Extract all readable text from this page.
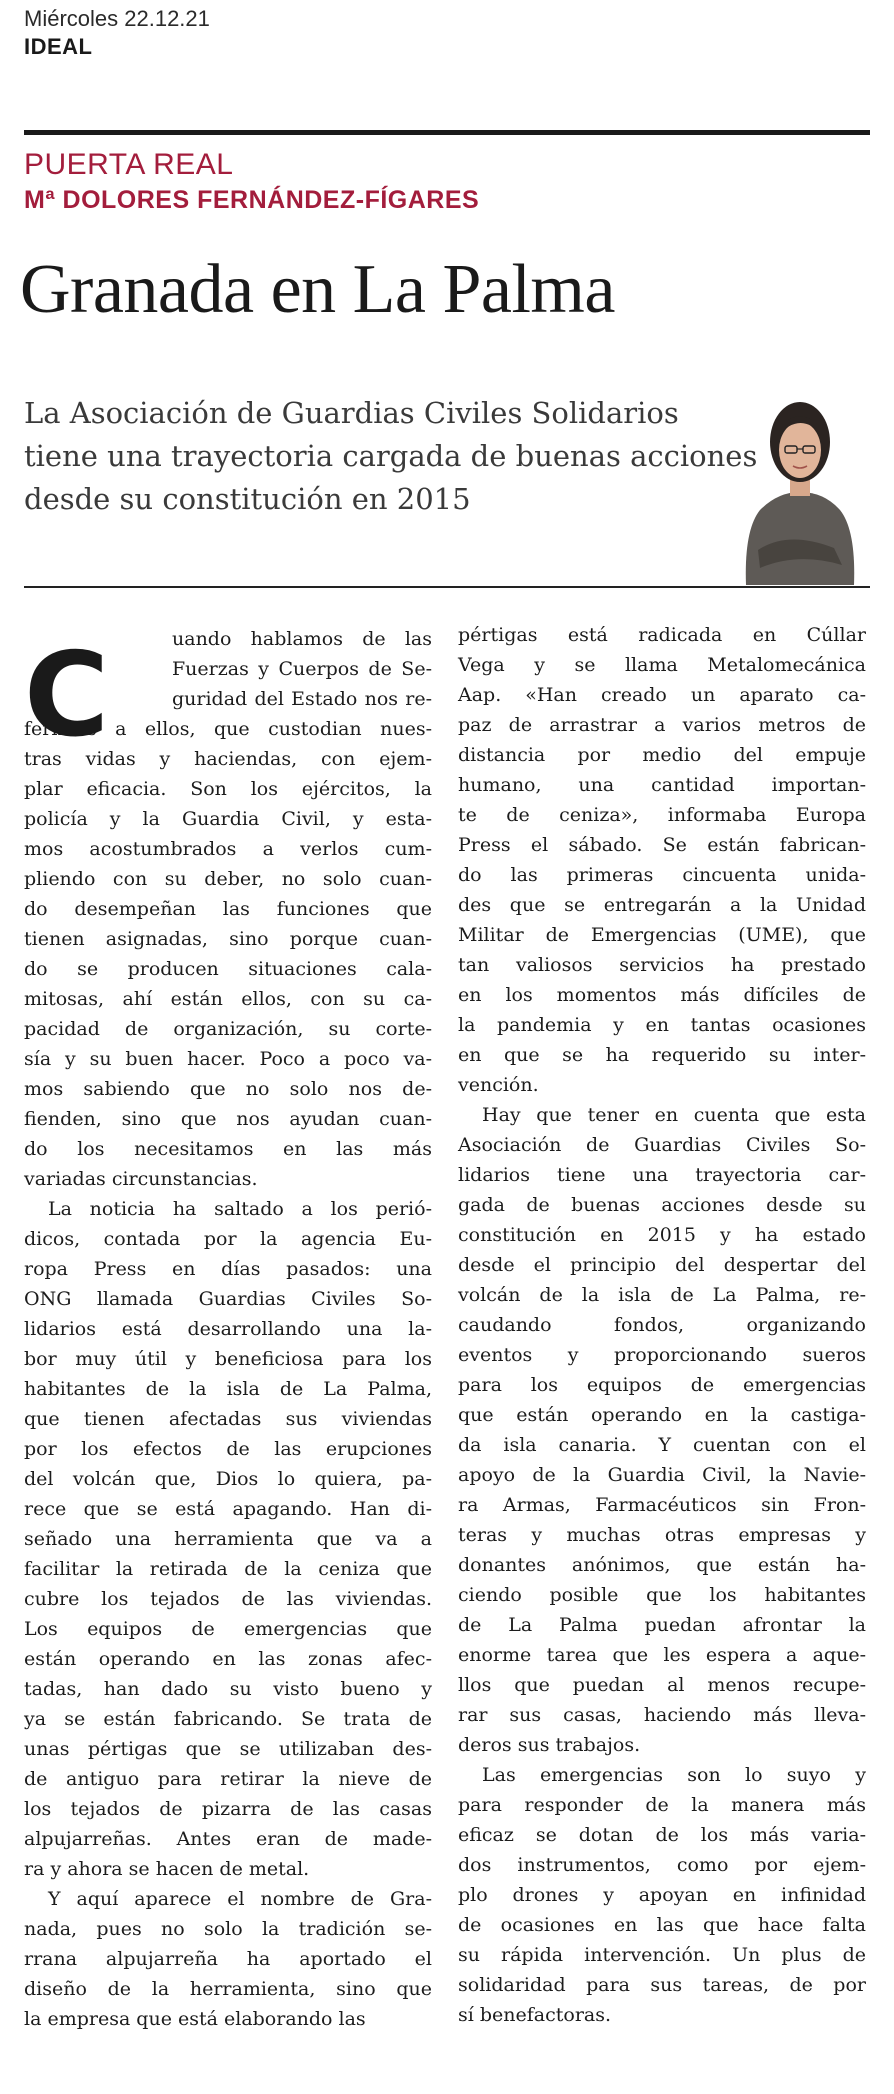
Miércoles 22.12.21
IDEAL
PUERTA REAL
Mª DOLORES FERNÁNDEZ-FÍGARES
Granada en La Palma
La Asociación de Guardias Civiles Solidarios
tiene una trayectoria cargada de buenas acciones
desde su constitución en 2015
C	uando hablamos de las

Fuerzas y Cuerpos de Se-

guridad del Estado nos re-

ferimos a ellos, que custodian nues-

tras vidas y haciendas, con ejem-

plar eficacia. Son los ejércitos, la

policía y la Guardia Civil, y esta-

mos acostumbrados a verlos cum-

pliendo con su deber, no solo cuan-

do desempeñan las funciones que

tienen asignadas, sino porque cuan-

do se producen situaciones cala-

mitosas, ahí están ellos, con su ca-

pacidad de organización, su corte-

sía y su buen hacer. Poco a poco va-

mos sabiendo que no solo nos de-

fienden, sino que nos ayudan cuan-

do los necesitamos en las más

variadas circunstancias.

La noticia ha saltado a los perió-

dicos, contada por la agencia Eu-

ropa Press en días pasados: una

ONG llamada Guardias Civiles So-

lidarios está desarrollando una la-

bor muy útil y beneficiosa para los

habitantes de la isla de La Palma,

que tienen afectadas sus viviendas

por los efectos de las erupciones

del volcán que, Dios lo quiera, pa-

rece que se está apagando. Han di-

señado una herramienta que va a

facilitar la retirada de la ceniza que

cubre los tejados de las viviendas.

Los equipos de emergencias que

están operando en las zonas afec-

tadas, han dado su visto bueno y

ya se están fabricando. Se trata de

unas pértigas que se utilizaban des-

de antiguo para retirar la nieve de

los tejados de pizarra de las casas

alpujarreñas. Antes eran de made-

ra y ahora se hacen de metal.

Y aquí aparece el nombre de Gra-

nada, pues no solo la tradición se-

rrana alpujarreña ha aportado el

diseño de la herramienta, sino que

la empresa que está elaborando las

pértigas está radicada en Cúllar

Vega y se llama Metalomecánica

Aap. «Han creado un aparato ca-

paz de arrastrar a varios metros de

distancia por medio del empuje

humano, una cantidad importan-

te de ceniza», informaba Europa

Press el sábado. Se están fabrican-

do las primeras cincuenta unida-

des que se entregarán a la Unidad

Militar de Emergencias (UME), que

tan valiosos servicios ha prestado

en los momentos más difíciles de

la pandemia y en tantas ocasiones

en que se ha requerido su inter-

vención.

Hay que tener en cuenta que esta

Asociación de Guardias Civiles So-

lidarios tiene una trayectoria car-

gada de buenas acciones desde su

constitución en 2015 y ha estado

desde el principio del despertar del

volcán de la isla de La Palma, re-

caudando fondos, organizando

eventos y proporcionando sueros

para los equipos de emergencias

que están operando en la castiga-

da isla canaria. Y cuentan con el

apoyo de la Guardia Civil, la Navie-

ra Armas, Farmacéuticos sin Fron-

teras y muchas otras empresas y

donantes anónimos, que están ha-

ciendo posible que los habitantes

de La Palma puedan afrontar la

enorme tarea que les espera a aque-

llos que puedan al menos recupe-

rar sus casas, haciendo más lleva-

deros sus trabajos.

Las emergencias son lo suyo y

para responder de la manera más

eficaz se dotan de los más varia-

dos instrumentos, como por ejem-

plo drones y apoyan en infinidad

de ocasiones en las que hace falta

su rápida intervención. Un plus de

solidaridad para sus tareas, de por

sí benefactoras.
